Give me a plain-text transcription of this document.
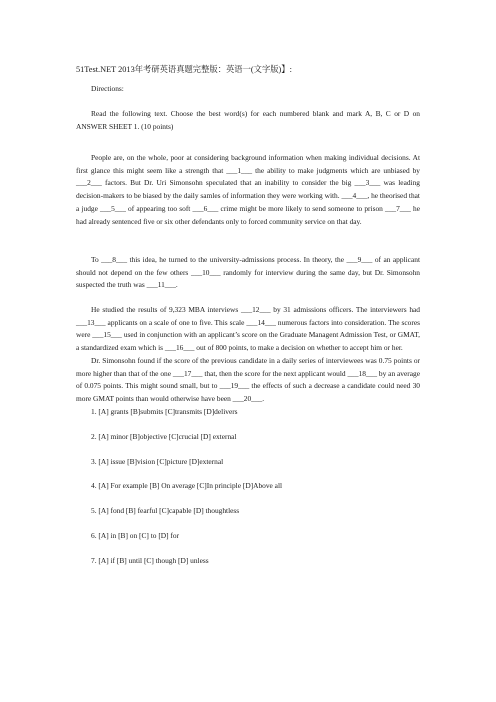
51Test.NET 2013年考研英语真题完整版：英语一(文字版)】:
Directions:
Read the following text. Choose the best word(s) for each numbered blank and mark A, B, C or D on ANSWER SHEET 1. (10 points)
People are, on the whole, poor at considering background information when making individual decisions. At first glance this might seem like a strength that ___1___ the ability to make judgments which are unbiased by ___2___ factors. But Dr. Uri Simonsohn speculated that an inability to consider the big ___3___ was leading decision-makers to be biased by the daily samles of information they were working with. ___4___, he theorised that a judge ___5___ of appearing too soft ___6___ crime might be more likely to send someone to prison ___7___ he had already sentenced five or six other defendants only to forced community service on that day.
To ___8___ this idea, he turned to the university-admissions process. In theory, the ___9___ of an applicant should not depend on the few others ___10___ randomly for interview during the same day, but Dr. Simonsohn suspected the truth was ___11___.
He studied the results of 9,323 MBA interviews ___12___ by 31 admissions officers. The interviewers had ___13___ applicants on a scale of one to five. This scale ___14___ numerous factors into consideration. The scores were ___15___ used in conjunction with an applicant’s score on the Graduate Managent Admission Test, or GMAT, a standardized exam which is ___16___ out of 800 points, to make a decision on whether to accept him or her.
Dr. Simonsohn found if the score of the previous candidate in a daily series of interviewees was 0.75 points or more higher than that of the one ___17___ that, then the score for the next applicant would ___18___ by an average of 0.075 points. This might sound small, but to ___19___ the effects of such a decrease a candidate could need 30 more GMAT points than would otherwise have been ___20___.
1. [A] grants [B]submits [C]transmits [D]delivers
2. [A] minor [B]objective [C]crucial [D] external
3. [A] issue [B]vision [C]picture [D]external
4. [A] For example [B] On average [C]In principle [D]Above all
5. [A] fond [B] fearful [C]capable [D] thoughtless
6. [A] in [B] on [C] to [D] for
7. [A] if [B] until [C] though [D] unless
